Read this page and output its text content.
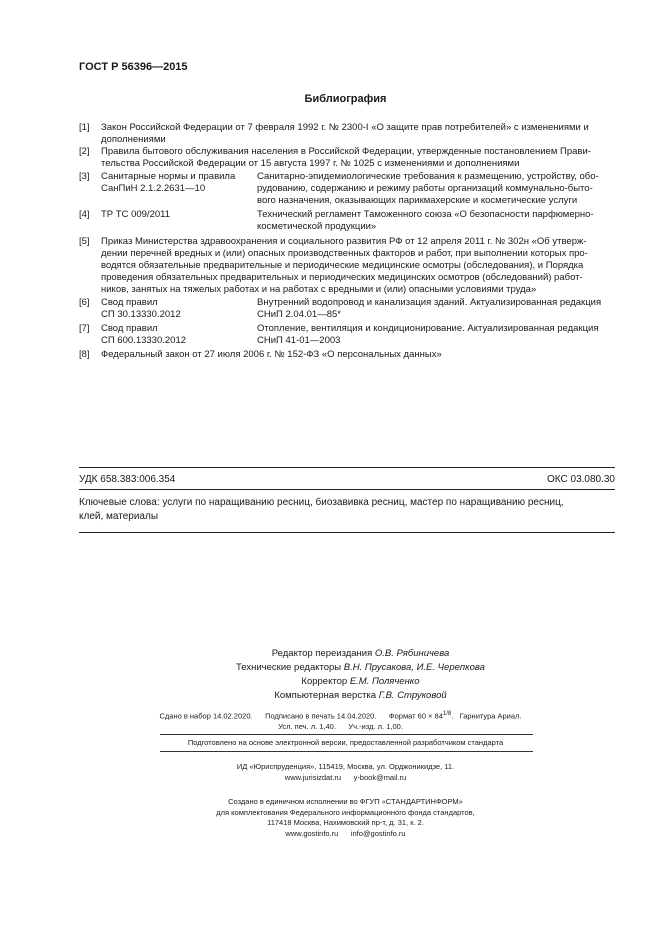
ГОСТ Р 56396—2015
Библиография
[1] Закон Российской Федерации от 7 февраля 1992 г. № 2300-I «О защите прав потребителей» с изменениями и
дополнениями
[2] Правила бытового обслуживания населения в Российской Федерации, утвержденные постановлением Прави-
тельства Российской Федерации от 15 августа 1997 г. № 1025 с изменениями и дополнениями
[3] Санитарные нормы и правила
СанПиН 2.1.2.2631—10
Санитарно-эпидемиологические требования к размещению, устройству, обо-
рудованию, содержанию и режиму работы организаций коммунально-быто-
вого назначения, оказывающих парикмахерские и косметические услуги
[4] ТР ТС 009/2011	Технический регламент Таможенного союза «О безопасности парфюмерно-
косметической продукции»
[5] Приказ Министерства здравоохранения и социального развития РФ от 12 апреля 2011 г. № 302н «Об утверж-
дении перечней вредных и (или) опасных производственных факторов и работ, при выполнении которых про-
водятся обязательные предварительные и периодические медицинские осмотры (обследования), и Порядка
проведения обязательных предварительных и периодических медицинских осмотров (обследований) работ-
ников, занятых на тяжелых работах и на работах с вредными и (или) опасными условиями труда»
[6] Свод правил
СП 30.13330.2012
Внутренний водопровод и канализация зданий. Актуализированная редакция
СНиП 2.04.01—85*
[7] Свод правил
СП 600.13330.2012
Отопление, вентиляция и кондиционирование. Актуализированная редакция
СНиП 41-01—2003
[8] Федеральный закон от 27 июля 2006 г. № 152-ФЗ «О персональных данных»
УДК 658.383:006.354	ОКС 03.080.30
Ключевые слова: услуги по наращиванию ресниц, биозавивка ресниц, мастер по наращиванию ресниц,
клей, материалы
Редактор переиздания О.В. Рябиничева
Технические редакторы В.Н. Прусакова, И.Е. Черепкова
Корректор Е.М. Поляченко
Компьютерная верстка Г.В. Струковой
Сдано в набор 14.02.2020.      Подписано в печать 14.04.2020.      Формат $60 \times 84^{1/8}$.   Гарнитура Ариал.
Усл. печ. л. 1,40.      Уч.-изд. л. 1,00.
Подготовлено на основе электронной версии, предоставленной разработчиком стандарта
ИД «Юриспруденция», 115419, Москва, ул. Орджоникидзе, 11.
www.jurisizdat.ru      y-book@mail.ru
Создано в единичном исполнении во ФГУП «СТАНДАРТИНФОРМ»
для комплектования Федерального информационного фонда стандартов,
117418 Москва, Нахимовский пр-т, д. 31, к. 2.
www.gostinfo.ru      info@gostinfo.ru
